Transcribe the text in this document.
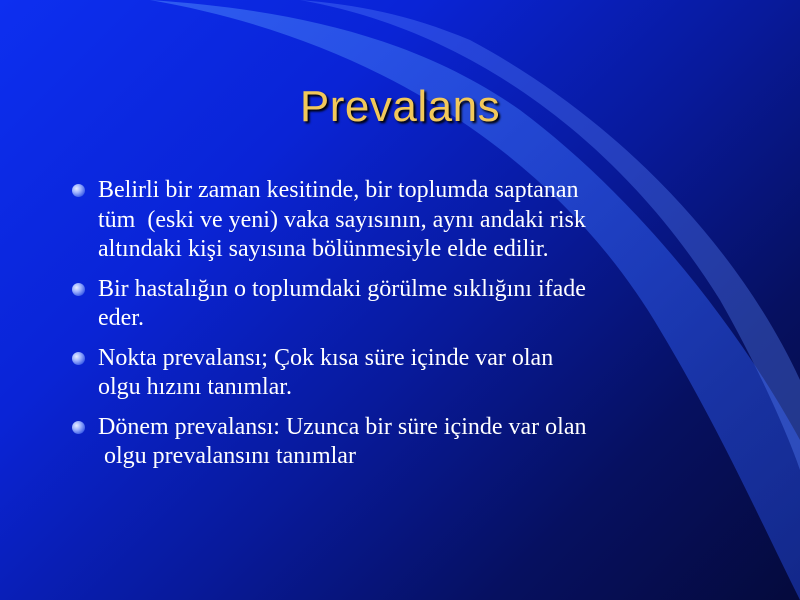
Prevalans
Belirli bir zaman kesitinde, bir toplumda saptanan
tüm  (eski ve yeni) vaka sayısının, aynı andaki risk
altındaki kişi sayısına bölünmesiyle elde edilir.
Bir hastalığın o toplumdaki görülme sıklığını ifade
eder.
Nokta prevalansı; Çok kısa süre içinde var olan
olgu hızını tanımlar.
Dönem prevalansı: Uzunca bir süre içinde var olan
olgu prevalansını tanımlar
